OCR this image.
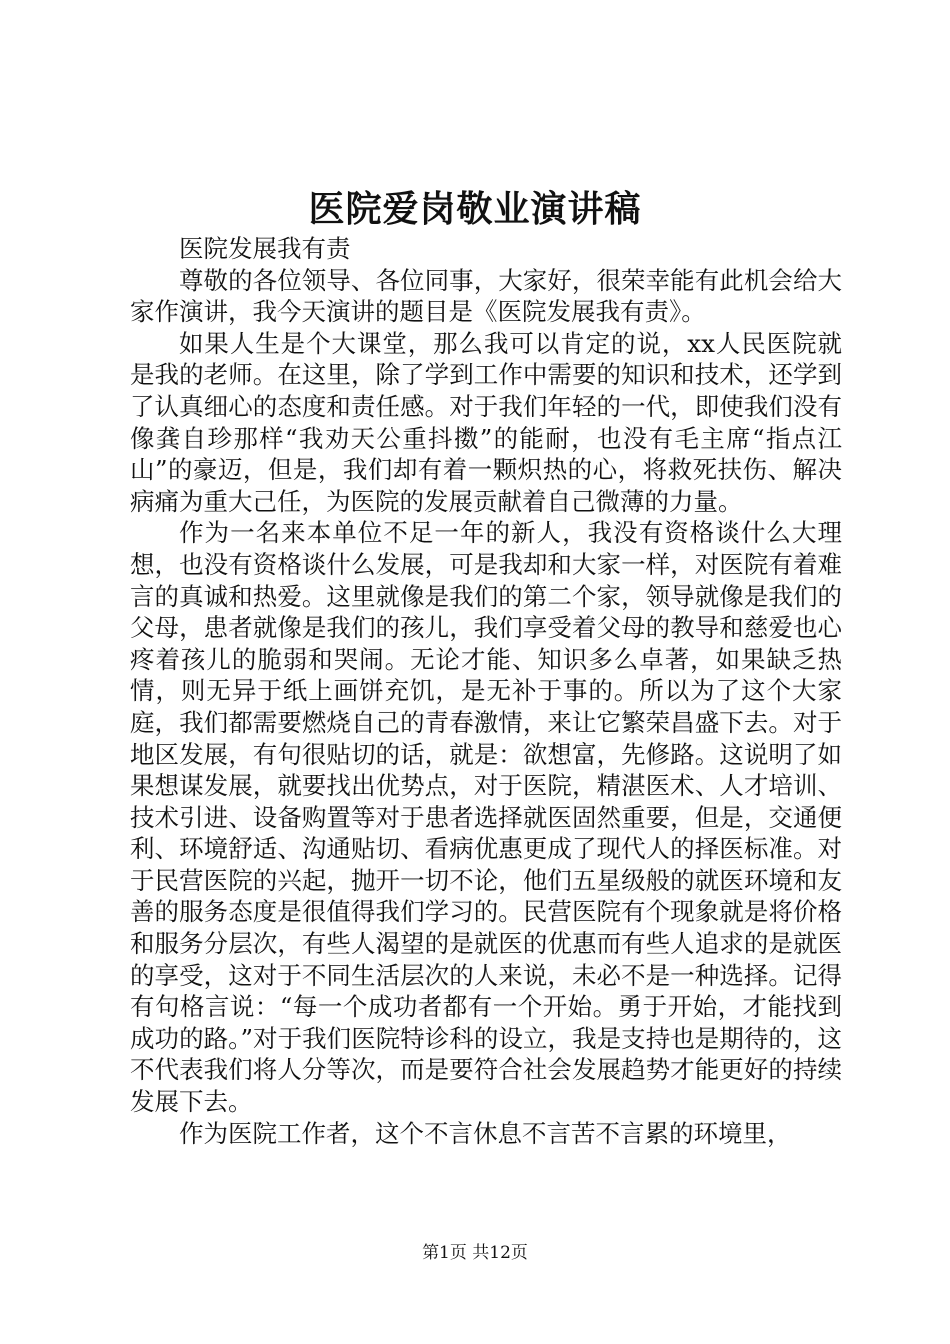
医院爱岗敬业演讲稿

医院发展我有责

尊敬的各位领导、各位同事，大家好，很荣幸能有此机会给大家作演讲，我今天演讲的题目是《医院发展我有责》。

如果人生是个大课堂，那么我可以肯定的说，xx人民医院就是我的老师。在这里，除了学到工作中需要的知识和技术，还学到了认真细心的态度和责任感。对于我们年轻的一代，即使我们没有像龚自珍那样“我劝天公重抖擞”的能耐，也没有毛主席“指点江山”的豪迈，但是，我们却有着一颗炽热的心，将救死扶伤、解决病痛为重大己任，为医院的发展贡献着自己微薄的力量。

作为一名来本单位不足一年的新人，我没有资格谈什么大理想，也没有资格谈什么发展，可是我却和大家一样，对医院有着难言的真诚和热爱。这里就像是我们的第二个家，领导就像是我们的父母，患者就像是我们的孩儿，我们享受着父母的教导和慈爱也心疼着孩儿的脆弱和哭闹。无论才能、知识多么卓著，如果缺乏热情，则无异于纸上画饼充饥，是无补于事的。所以为了这个大家庭，我们都需要燃烧自己的青春激情，来让它繁荣昌盛下去。对于地区发展，有句很贴切的话，就是：欲想富，先修路。这说明了如果想谋发展，就要找出优势点，对于医院，精湛医术、人才培训、技术引进、设备购置等对于患者选择就医固然重要，但是，交通便利、环境舒适、沟通贴切、看病优惠更成了现代人的择医标准。对于民营医院的兴起，抛开一切不论，他们五星级般的就医环境和友善的服务态度是很值得我们学习的。民营医院有个现象就是将价格和服务分层次，有些人渴望的是就医的优惠而有些人追求的是就医的享受，这对于不同生活层次的人来说，未必不是一种选择。记得有句格言说：“每一个成功者都有一个开始。勇于开始，才能找到成功的路。”对于我们医院特诊科的设立，我是支持也是期待的，这不代表我们将人分等次，而是要符合社会发展趋势才能更好的持续发展下去。

作为医院工作者，这个不言休息不言苦不言累的环境里，

第1页 共12页
